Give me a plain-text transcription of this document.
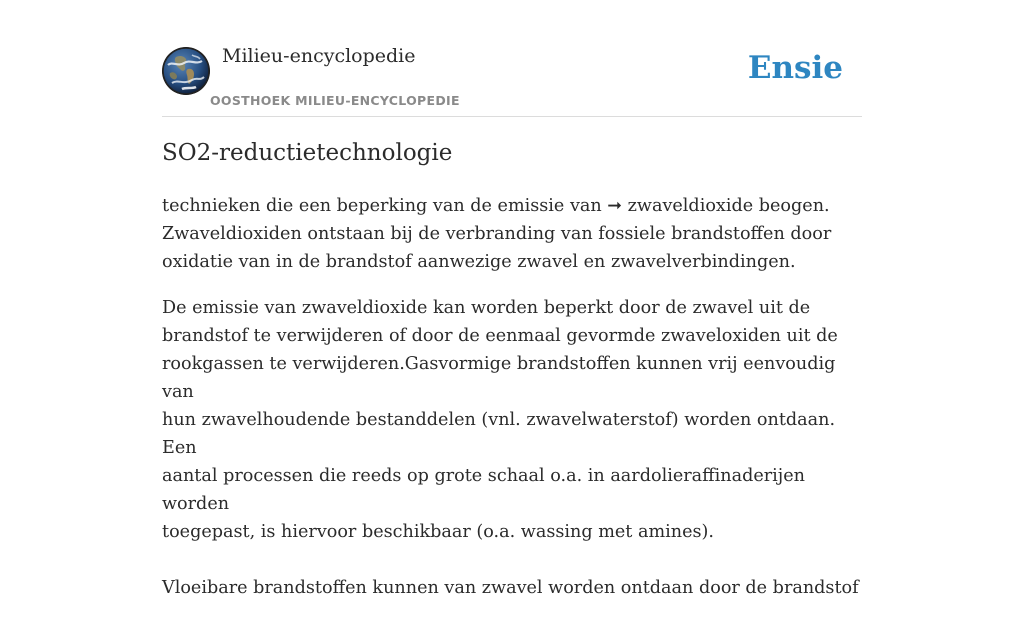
Milieu-encyclopedie
OOSTHOEK MILIEU-ENCYCLOPEDIE
Ensie
SO2-reductietechnologie

technieken die een beperking van de emissie van ➞ zwaveldioxide beogen.
Zwaveldioxiden ontstaan bij de verbranding van fossiele brandstoffen door
oxidatie van in de brandstof aanwezige zwavel en zwavelverbindingen.

De emissie van zwaveldioxide kan worden beperkt door de zwavel uit de
brandstof te verwijderen of door de eenmaal gevormde zwaveloxiden uit de
rookgassen te verwijderen.Gasvormige brandstoffen kunnen vrij eenvoudig van
hun zwavelhoudende bestanddelen (vnl. zwavelwaterstof) worden ontdaan. Een
aantal processen die reeds op grote schaal o.a. in aardolieraffinaderijen worden
toegepast, is hiervoor beschikbaar (o.a. wassing met amines).
Vloeibare brandstoffen kunnen van zwavel worden ontdaan door de brandstof
